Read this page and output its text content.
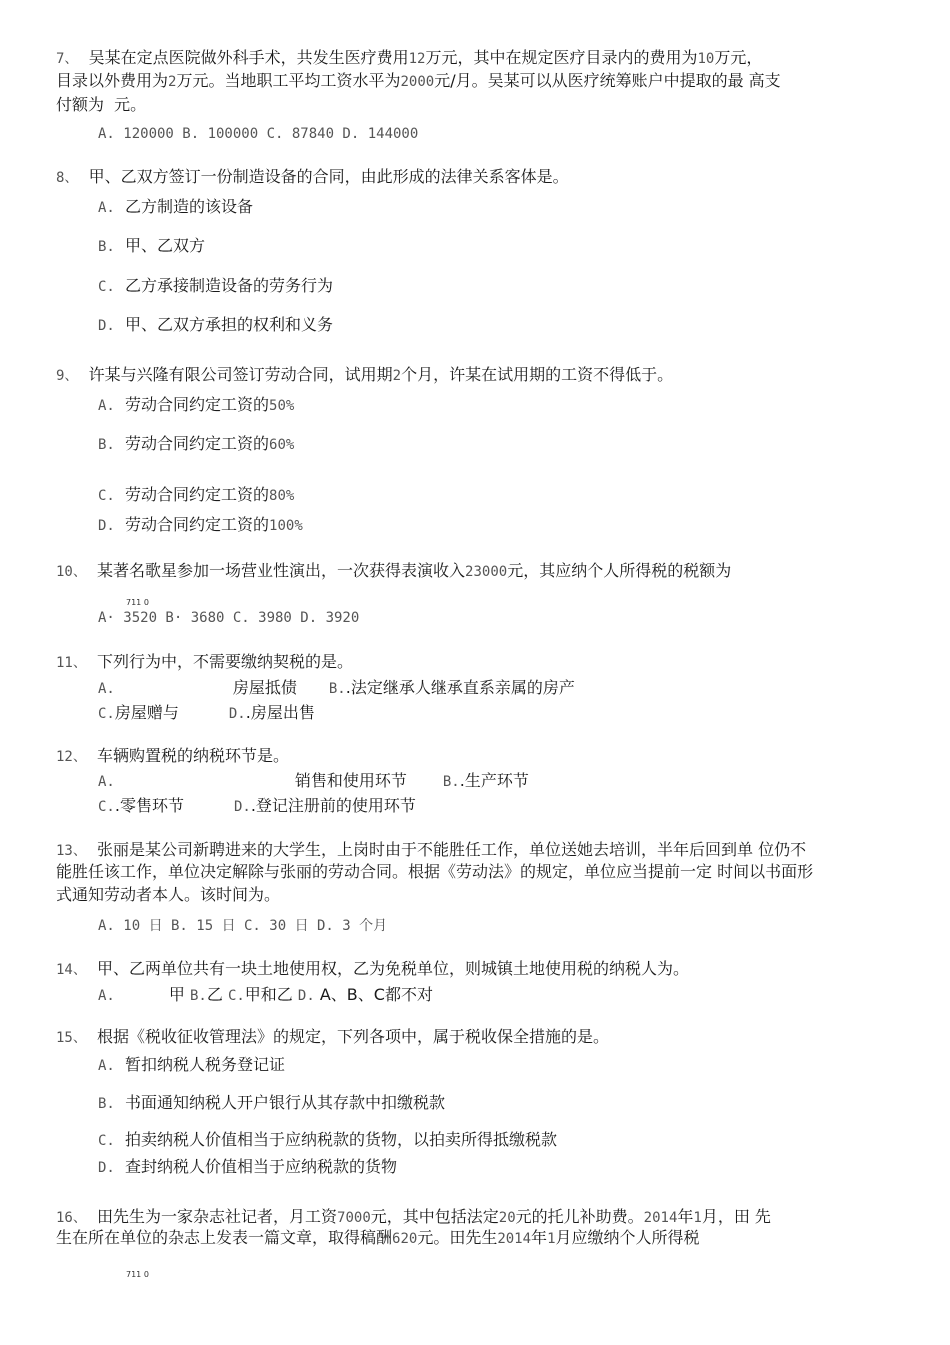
7、 吴某在定点医院做外科手术，共发生医疗费用12万元，其中在规定医疗目录内的费用为10万元，
目录以外费用为2万元。当地职工平均工资水平为2000元/月。吴某可以从医疗统筹账户中提取的最 高支
付额为  元。
A. 120000 B. 100000 C. 87840 D. 144000
8、 甲、乙双方签订一份制造设备的合同，由此形成的法律关系客体是。
A. 乙方制造的该设备
B. 甲、乙双方
C. 乙方承接制造设备的劳务行为
D. 甲、乙双方承担的权利和义务
9、 许某与兴隆有限公司签订劳动合同，试用期2个月，许某在试用期的工资不得低于。
A. 劳动合同约定工资的50%
B. 劳动合同约定工资的60%
C. 劳动合同约定工资的80%
D. 劳动合同约定工资的100%
10、 某著名歌星参加一场营业性演出，一次获得表演收入23000元，其应纳个人所得税的税额为
711 0
A· 3520 B· 3680 C. 3980 D. 3920
11、 下列行为中，不需要缴纳契税的是。
A.	房屋抵债 B..法定继承人继承直系亲属的房产
C.房屋赠与	D..房屋出售
12、 车辆购置税的纳税环节是。
A.	销售和使用环节	B..生产环节
C..零售环节	D..登记注册前的使用环节
13、 张丽是某公司新聘进来的大学生，上岗时由于不能胜任工作，单位送她去培训，半年后回到单 位仍不
能胜任该工作，单位决定解除与张丽的劳动合同。根据《劳动法》的规定，单位应当提前一定 时间以书面形
式通知劳动者本人。该时间为。
A. 10 日 B. 15 日 C. 30 日 D. 3 个月
14、 甲、乙两单位共有一块土地使用权，乙为免税单位，则城镇土地使用税的纳税人为。
A.	甲 B.乙 C.甲和乙 D. A、B、C都不对
15、 根据《税收征收管理法》的规定，下列各项中，属于税收保全措施的是。
A. 暂扣纳税人税务登记证
B. 书面通知纳税人开户银行从其存款中扣缴税款
C. 拍卖纳税人价值相当于应纳税款的货物，以拍卖所得抵缴税款
D. 查封纳税人价值相当于应纳税款的货物
16、 田先生为一家杂志社记者，月工资7000元，其中包括法定20元的托儿补助费。2014年1月，田 先
生在所在单位的杂志上发表一篇文章，取得稿酬620元。田先生2014年1月应缴纳个人所得税
711 0
